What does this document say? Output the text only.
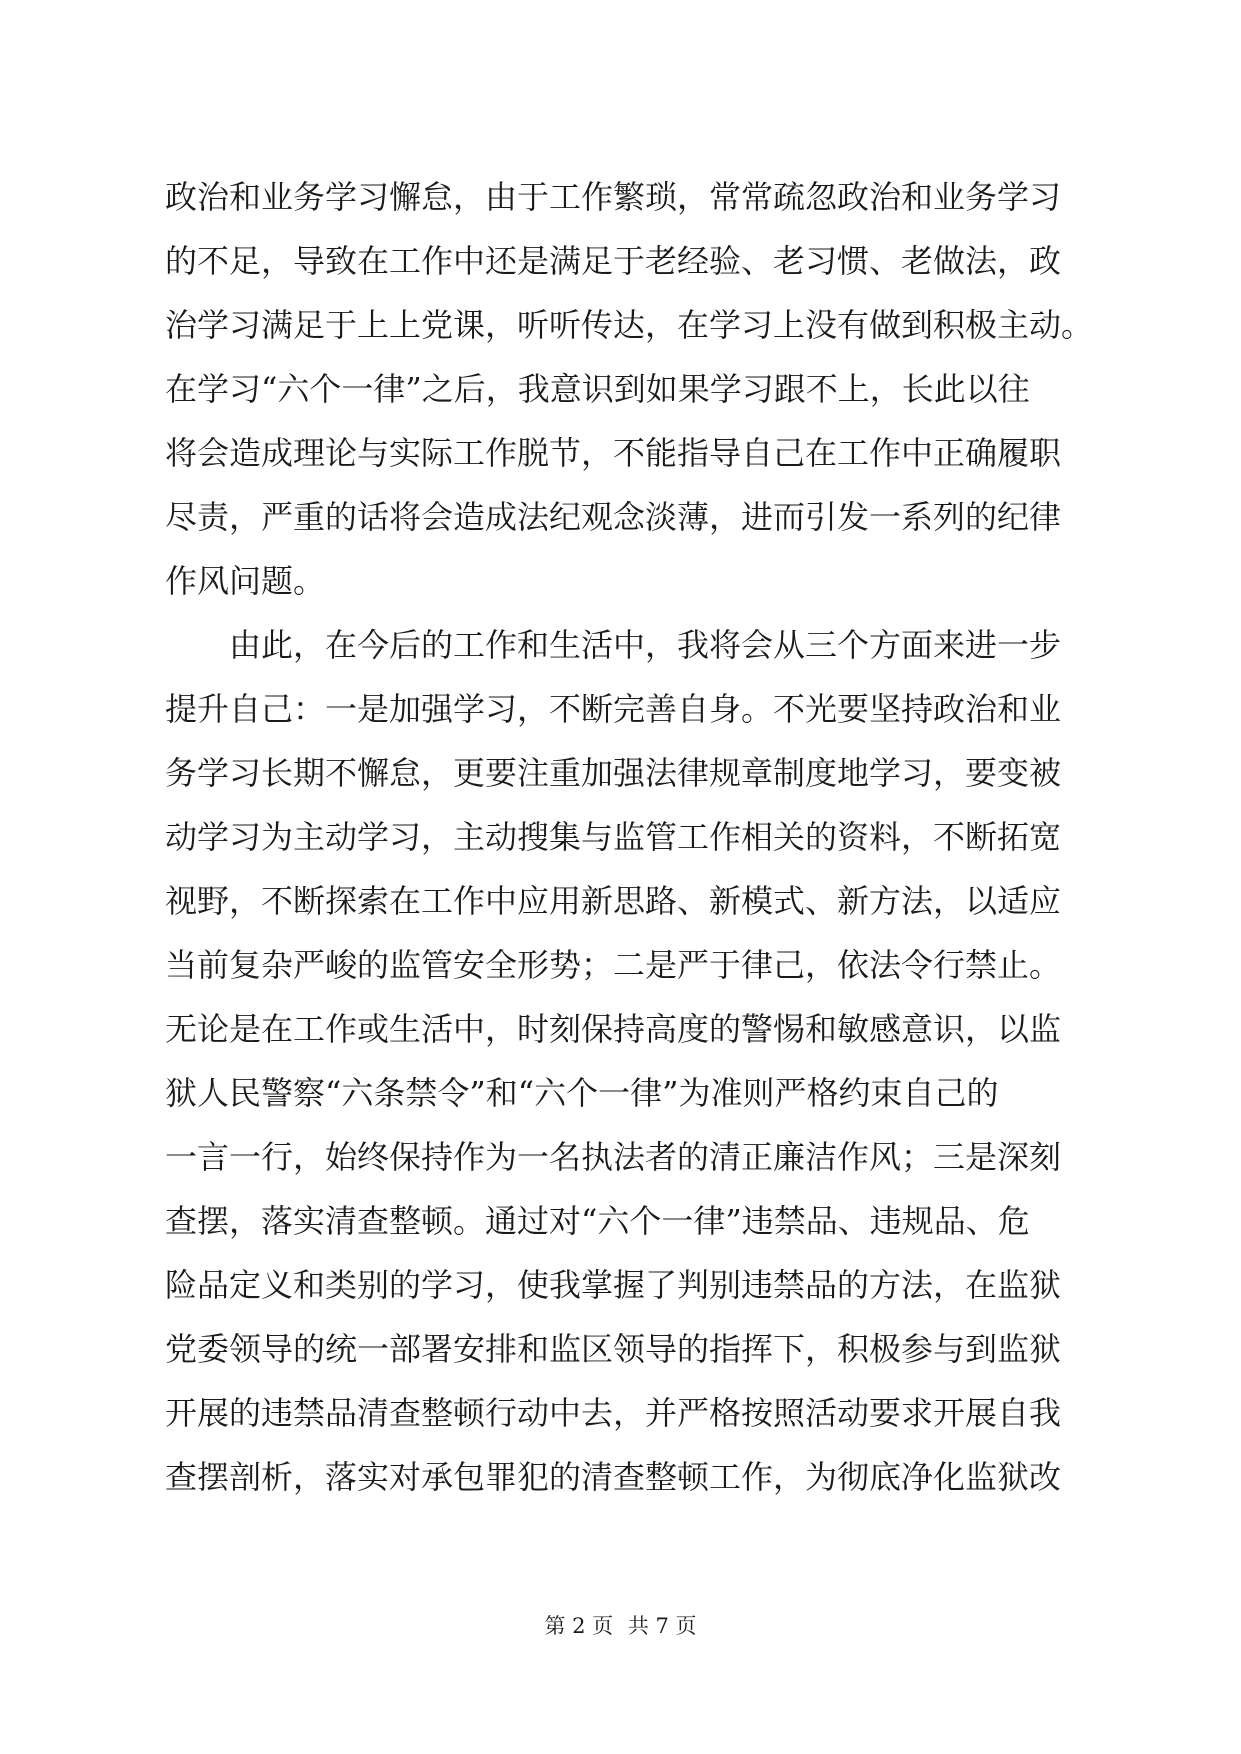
政治和业务学习懈怠，由于工作繁琐，常常疏忽政治和业务学习
的不足，导致在工作中还是满足于老经验、老习惯、老做法，政
治学习满足于上上党课，听听传达，在学习上没有做到积极主动。
在学习“六个一律”之后，我意识到如果学习跟不上，长此以往
将会造成理论与实际工作脱节，不能指导自己在工作中正确履职
尽责，严重的话将会造成法纪观念淡薄，进而引发一系列的纪律
作风问题。
　　由此，在今后的工作和生活中，我将会从三个方面来进一步
提升自己：一是加强学习，不断完善自身。不光要坚持政治和业
务学习长期不懈怠，更要注重加强法律规章制度地学习，要变被
动学习为主动学习，主动搜集与监管工作相关的资料，不断拓宽
视野，不断探索在工作中应用新思路、新模式、新方法，以适应
当前复杂严峻的监管安全形势；二是严于律己，依法令行禁止。
无论是在工作或生活中，时刻保持高度的警惕和敏感意识，以监
狱人民警察“六条禁令”和“六个一律”为准则严格约束自己的
一言一行，始终保持作为一名执法者的清正廉洁作风；三是深刻
查摆，落实清查整顿。通过对“六个一律”违禁品、违规品、危
险品定义和类别的学习，使我掌握了判别违禁品的方法，在监狱
党委领导的统一部署安排和监区领导的指挥下，积极参与到监狱
开展的违禁品清查整顿行动中去，并严格按照活动要求开展自我
查摆剖析，落实对承包罪犯的清查整顿工作，为彻底净化监狱改
第 2 页 共 7 页
